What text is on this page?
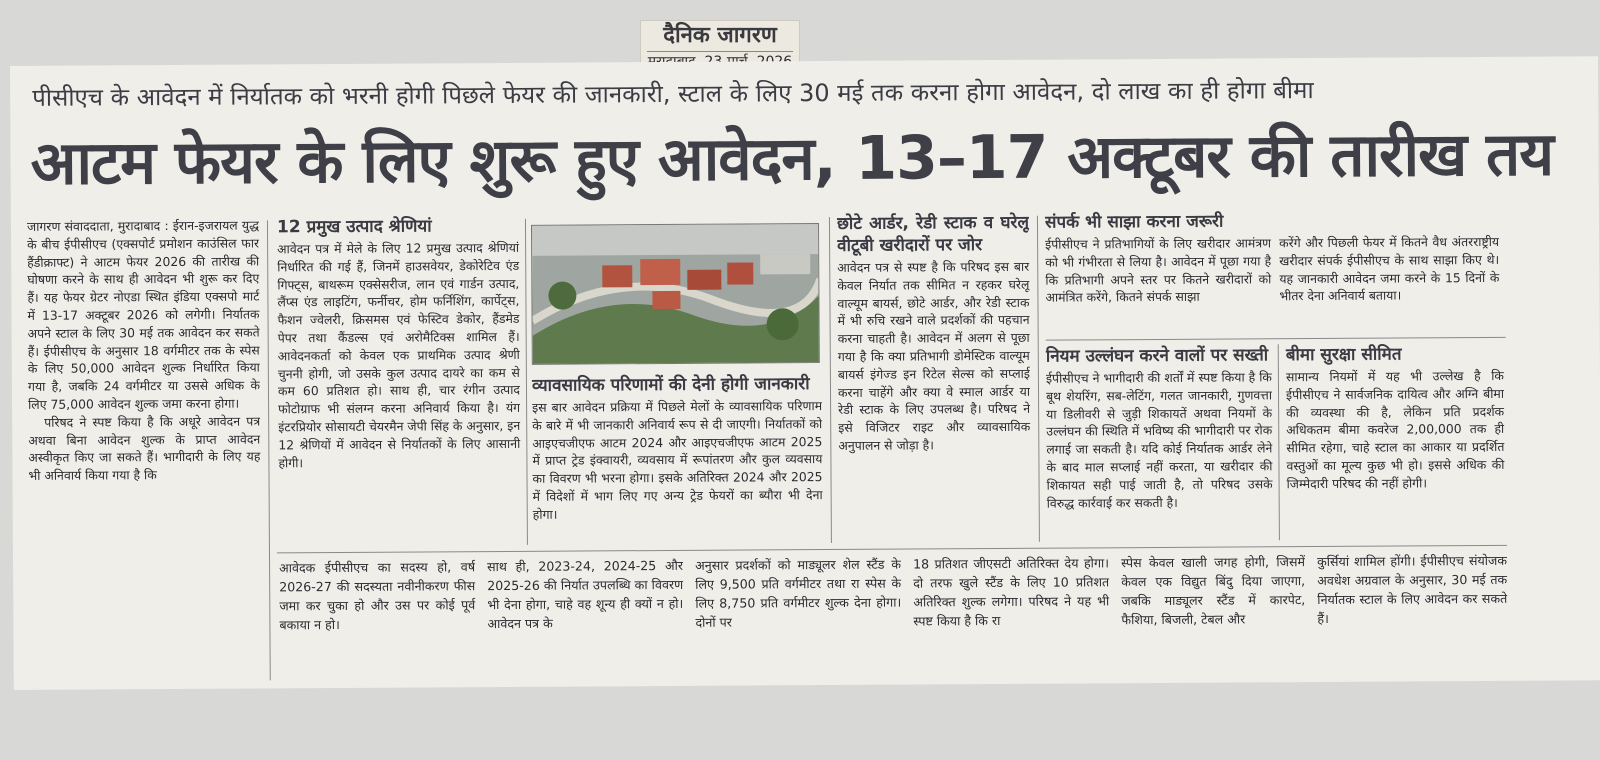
दैनिक जागरण
पीसीएच के आवेदन में निर्यातक को भरनी होगी पिछले फेयर की जानकारी, स्टाल के लिए 30 मई तक करना होगा आवेदन, दो लाख का ही होगा बीमा
आटम फेयर के लिए शुरू हुए आवेदन, 13–17 अक्टूबर की तारीख तय

जागरण संवाददाता, मुरादाबाद : ईरान-इजरायल युद्ध के बीच ईपीसीएच (एक्सपोर्ट प्रमोशन काउंसिल फार हैंडीक्राफ्ट) ने आटम फेयर 2026 की तारीख की घोषणा करने के साथ ही आवेदन भी शुरू कर दिए हैं। यह फेयर ग्रेटर नोएडा स्थित इंडिया एक्सपो मार्ट में 13-17 अक्टूबर 2026 को लगेगी। निर्यातक अपने स्टाल के लिए 30 मई तक आवेदन कर सकते हैं। ईपीसीएच के अनुसार 18 वर्गमीटर तक के स्पेस के लिए 50,000 आवेदन शुल्क निर्धारित किया गया है, जबकि 24 वर्गमीटर या उससे अधिक के लिए 75,000 आवेदन शुल्क जमा करना होगा।

परिषद ने स्पष्ट किया है कि अधूरे आवेदन पत्र अथवा बिना आवेदन शुल्क के प्राप्त आवेदन अस्वीकृत किए जा सकते हैं। भागीदारी के लिए यह भी अनिवार्य किया गया है कि

12 प्रमुख उत्पाद श्रेणियां

आवेदन पत्र में मेले के लिए 12 प्रमुख उत्पाद श्रेणियां निर्धारित की गई हैं, जिनमें हाउसवेयर, डेकोरेटिव एंड गिफ्ट्स, बाथरूम एक्सेसरीज, लान एवं गार्डन उत्पाद, लैंप्स एंड लाइटिंग, फर्नीचर, होम फर्निशिंग, कार्पेट्स, फैशन ज्वेलरी, क्रिसमस एवं फेस्टिव डेकोर, हैंडमेड पेपर तथा कैंडल्स एवं अरोमैटिक्स शामिल हैं। आवेदनकर्ता को केवल एक प्राथमिक उत्पाद श्रेणी चुननी होगी, जो उसके कुल उत्पाद दायरे का कम से कम 60 प्रतिशत हो। साथ ही, चार रंगीन उत्पाद फोटोग्राफ भी संलग्न करना अनिवार्य किया है। यंग इंटरप्रियोर सोसायटी चेयरमैन जेपी सिंह के अनुसार, इन 12 श्रेणियों में आवेदन से निर्यातकों के लिए आसानी होगी।

व्यावसायिक परिणामों की देनी होगी जानकारी

इस बार आवेदन प्रक्रिया में पिछले मेलों के व्यावसायिक परिणाम के बारे में भी जानकारी अनिवार्य रूप से दी जाएगी। निर्यातकों को आइएचजीएफ आटम 2024 और आइएचजीएफ आटम 2025 में प्राप्त ट्रेड इंक्वायरी, व्यवसाय में रूपांतरण और कुल व्यवसाय का विवरण भी भरना होगा। इसके अतिरिक्त 2024 और 2025 में विदेशों में भाग लिए गए अन्य ट्रेड फेयरों का ब्यौरा भी देना होगा।

छोटे आर्डर, रेडी स्टाक व घरेलू वीटूबी खरीदारों पर जोर

आवेदन पत्र से स्पष्ट है कि परिषद इस बार केवल निर्यात तक सीमित न रहकर घरेलू वाल्यूम बायर्स, छोटे आर्डर, और रेडी स्टाक में भी रुचि रखने वाले प्रदर्शकों की पहचान करना चाहती है। आवेदन में अलग से पूछा गया है कि क्या प्रतिभागी डोमेस्टिक वाल्यूम बायर्स इंगेज्ड इन रिटेल सेल्स को सप्लाई करना चाहेंगे और क्या वे स्माल आर्डर या रेडी स्टाक के लिए उपलब्ध है। परिषद ने इसे विजिटर राइट और व्यावसायिक अनुपालन से जोड़ा है।

संपर्क भी साझा करना जरूरी

ईपीसीएच ने प्रतिभागियों के लिए खरीदार आमंत्रण को भी गंभीरता से लिया है। आवेदन में पूछा गया है कि प्रतिभागी अपने स्तर पर कितने खरीदारों को आमंत्रित करेंगे, कितने संपर्क साझा

करेंगे और पिछली फेयर में कितने वैध अंतरराष्ट्रीय खरीदार संपर्क ईपीसीएच के साथ साझा किए थे। यह जानकारी आवेदन जमा करने के 15 दिनों के भीतर देना अनिवार्य बताया।

नियम उल्लंघन करने वालों पर सख्ती

ईपीसीएच ने भागीदारी की शर्तों में स्पष्ट किया है कि बूथ शेयरिंग, सब-लेटिंग, गलत जानकारी, गुणवत्ता या डिलीवरी से जुड़ी शिकायतें अथवा नियमों के उल्लंघन की स्थिति में भविष्य की भागीदारी पर रोक लगाई जा सकती है। यदि कोई निर्यातक आर्डर लेने के बाद माल सप्लाई नहीं करता, या खरीदार की शिकायत सही पाई जाती है, तो परिषद उसके विरुद्ध कार्रवाई कर सकती है।

बीमा सुरक्षा सीमित

सामान्य नियमों में यह भी उल्लेख है कि ईपीसीएच ने सार्वजनिक दायित्व और अग्नि बीमा की व्यवस्था की है, लेकिन प्रति प्रदर्शक अधिकतम बीमा कवरेज 2,00,000 तक ही सीमित रहेगा, चाहे स्टाल का आकार या प्रदर्शित वस्तुओं का मूल्य कुछ भी हो। इससे अधिक की जिम्मेदारी परिषद की नहीं होगी।

आवेदक ईपीसीएच का सदस्य हो, वर्ष 2026-27 की सदस्यता नवीनीकरण फीस जमा कर चुका हो और उस पर कोई पूर्व बकाया न हो।

साथ ही, 2023-24, 2024-25 और 2025-26 की निर्यात उपलब्धि का विवरण भी देना होगा, चाहे वह शून्य ही क्यों न हो। आवेदन पत्र के

अनुसार प्रदर्शकों को माड्यूलर शेल स्टैंड के लिए 9,500 प्रति वर्गमीटर तथा रा स्पेस के लिए 8,750 प्रति वर्गमीटर शुल्क देना होगा। दोनों पर

18 प्रतिशत जीएसटी अतिरिक्त देय होगा। दो तरफ खुले स्टैंड के लिए 10 प्रतिशत अतिरिक्त शुल्क लगेगा। परिषद ने यह भी स्पष्ट किया है कि रा

स्पेस केवल खाली जगह होगी, जिसमें केवल एक विद्युत बिंदु दिया जाएगा, जबकि माड्यूलर स्टैंड में कारपेट, फैशिया, बिजली, टेबल और

कुर्सियां शामिल होंगी। ईपीसीएच संयोजक अवधेश अग्रवाल के अनुसार, 30 मई तक निर्यातक स्टाल के लिए आवेदन कर सकते हैं।
